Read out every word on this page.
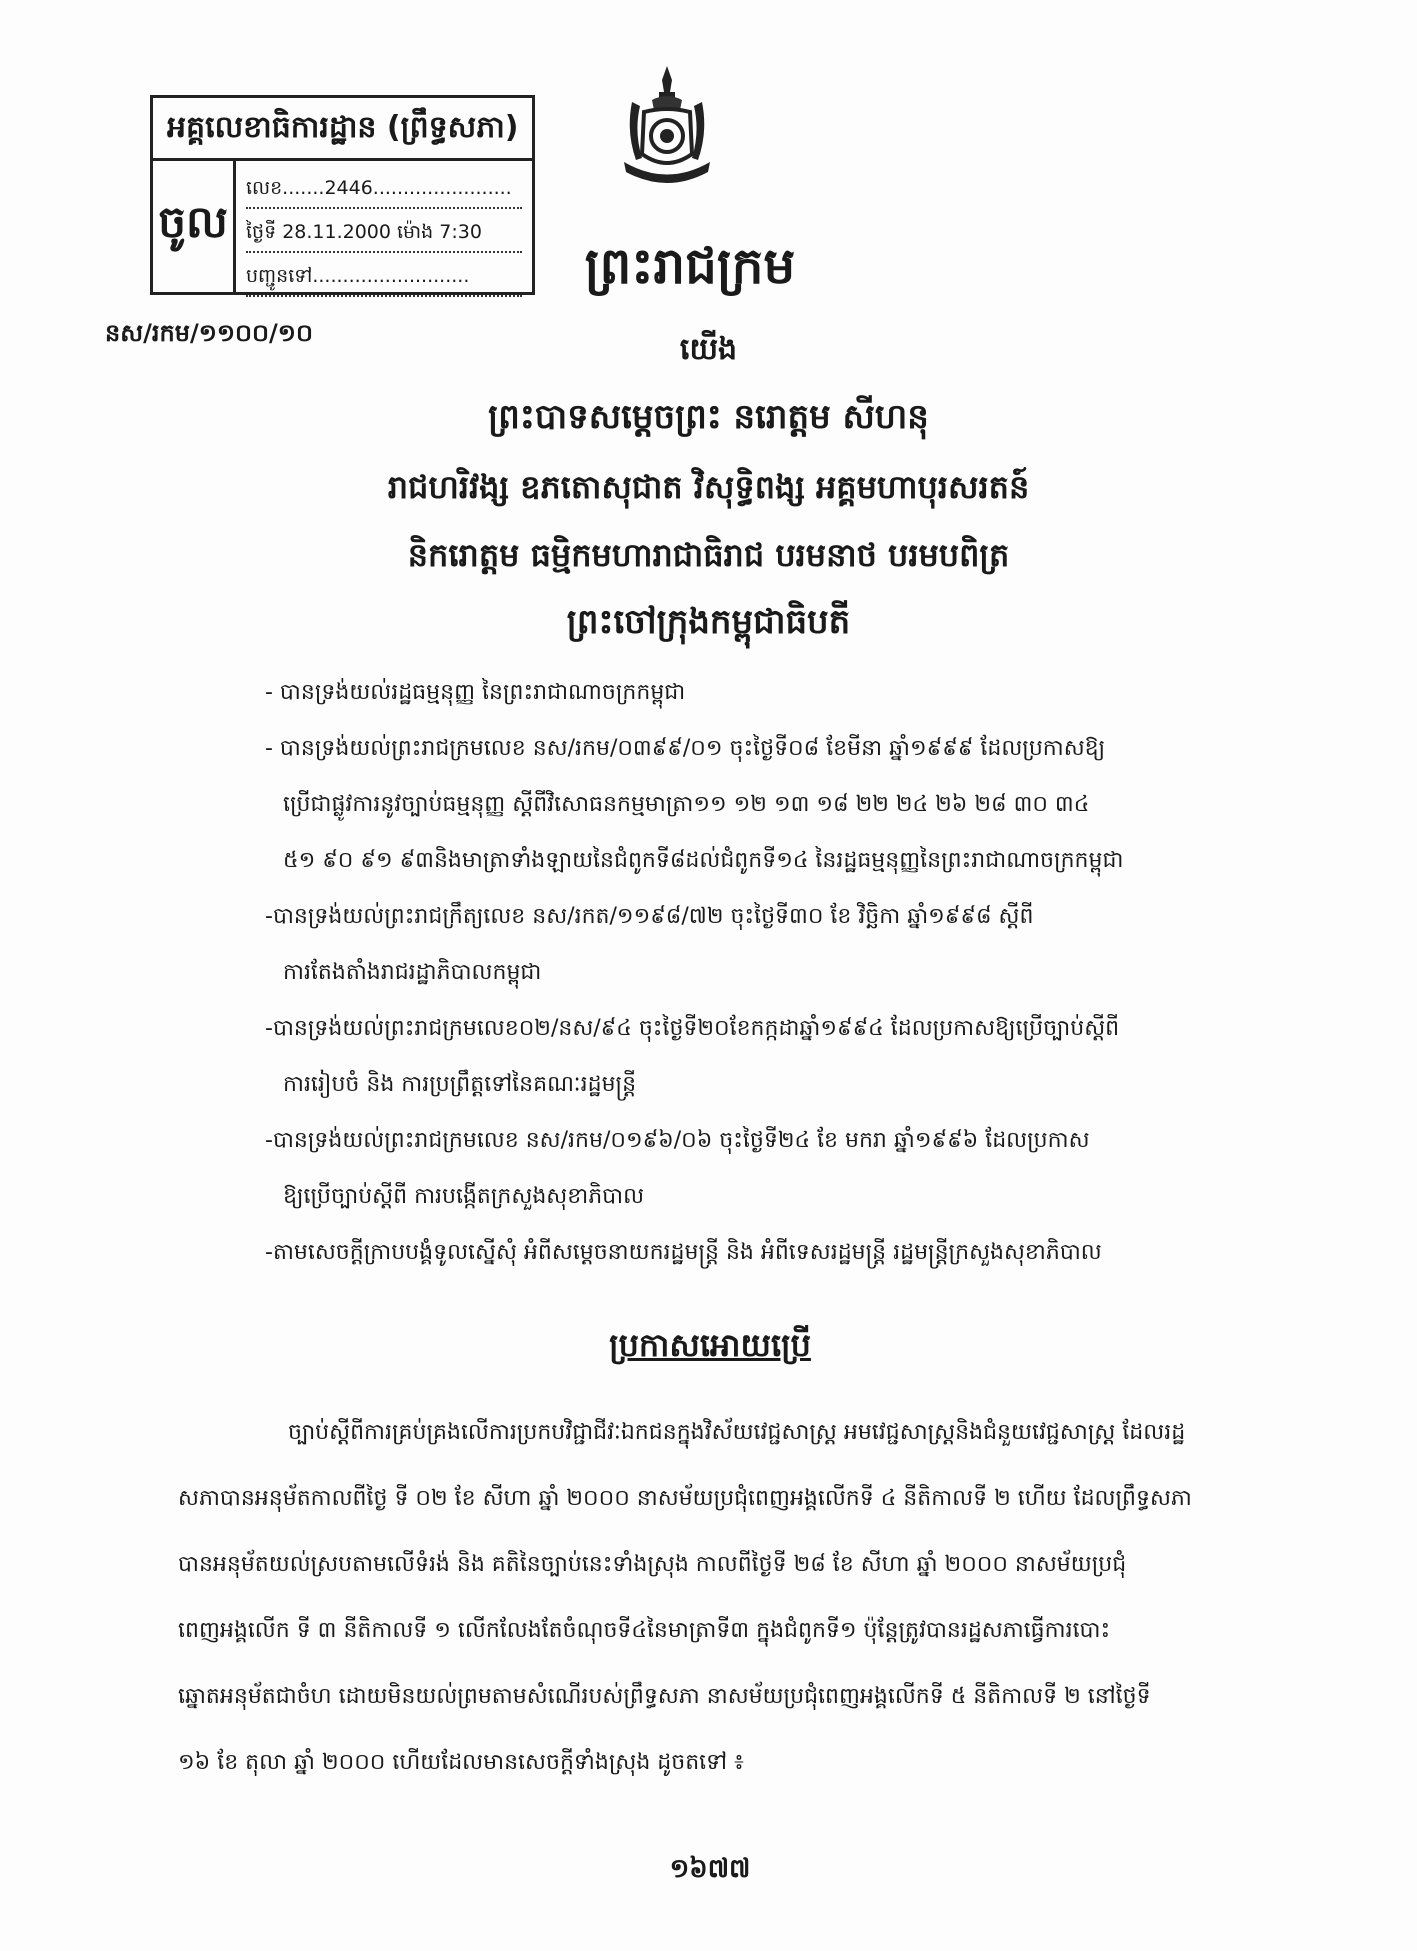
អគ្គលេខាធិការដ្ឋាន (ព្រឹទ្ធសភា)
ចូល
លេខ.......2446.......................
ថ្ងៃទី 28.11.2000 ម៉ោង 7:30
បញ្ជូនទៅ..........................	ព្រះរាជក្រម
នស/រកម/១១០០/១០	យើង
ព្រះបាទសម្តេចព្រះ នរោត្តម សីហនុ
រាជហរិវង្ស ឧភតោសុជាត វិសុទ្ធិពង្ស អគ្គមហាបុរសរតន៍
និករោត្តម ធម្មិកមហារាជាធិរាជ បរមនាថ បរមបពិត្រ
ព្រះចៅក្រុងកម្ពុជាធិបតី
- បានទ្រង់យល់រដ្ឋធម្មនុញ្ញ នៃព្រះរាជាណាចក្រកម្ពុជា
- បានទ្រង់យល់ព្រះរាជក្រមលេខ នស/រកម/០៣៩៩/០១ ចុះថ្ងៃទី០៨ ខែមីនា ឆ្នាំ១៩៩៩ ដែលប្រកាសឱ្យ
ប្រើជាផ្លូវការនូវច្បាប់ធម្មនុញ្ញ ស្តីពីវិសោធនកម្មមាត្រា១១ ១២ ១៣ ១៨ ២២ ២៤ ២៦ ២៨ ៣០ ៣៤
៥១ ៩០ ៩១ ៩៣និងមាត្រាទាំងឡាយនៃជំពូកទី៨ដល់ជំពូកទី១៤ នៃរដ្ឋធម្មនុញ្ញនៃព្រះរាជាណាចក្រកម្ពុជា
-បានទ្រង់យល់ព្រះរាជក្រឹត្យលេខ នស/រកត/១១៩៨/៧២ ចុះថ្ងៃទី៣០ ខែ វិច្ឆិកា ឆ្នាំ១៩៩៨ ស្តីពី
ការតែងតាំងរាជរដ្ឋាភិបាលកម្ពុជា
-បានទ្រង់យល់ព្រះរាជក្រមលេខ០២/នស/៩៤ ចុះថ្ងៃទី២០ខែកក្កដាឆ្នាំ១៩៩៤ ដែលប្រកាសឱ្យប្រើច្បាប់ស្តីពី
ការរៀបចំ និង ការប្រព្រឹត្តទៅនៃគណៈរដ្ឋមន្ត្រី
-បានទ្រង់យល់ព្រះរាជក្រមលេខ នស/រកម/០១៩៦/០៦ ចុះថ្ងៃទី២៤ ខែ មករា ឆ្នាំ១៩៩៦ ដែលប្រកាស
ឱ្យប្រើច្បាប់ស្តីពី ការបង្កើតក្រសួងសុខាភិបាល
-តាមសេចក្តីក្រាបបង្គំទូលស្នើសុំ អំពីសម្តេចនាយករដ្ឋមន្ត្រី និង អំពីទេសរដ្ឋមន្ត្រី រដ្ឋមន្ត្រីក្រសួងសុខាភិបាល
ប្រកាសអោយប្រើ
ច្បាប់ស្តីពីការគ្រប់គ្រងលើការប្រកបវិជ្ជាជីវៈឯកជនក្នុងវិស័យវេជ្ជសាស្ត្រ អមវេជ្ជសាស្ត្រនិងជំនួយវេជ្ជសាស្ត្រ ដែលរដ្ឋ
សភាបានអនុម័តកាលពីថ្ងៃ ទី ០២ ខែ សីហា ឆ្នាំ ២០០០ នាសម័យប្រជុំពេញអង្គលើកទី ៤ នីតិកាលទី ២ ហើយ ដែលព្រឹទ្ធសភា
បានអនុម័តយល់ស្របតាមលើទំរង់ និង គតិនៃច្បាប់នេះទាំងស្រុង កាលពីថ្ងៃទី ២៨ ខែ សីហា ឆ្នាំ ២០០០ នាសម័យប្រជុំ
ពេញអង្គលើក ទី ៣ នីតិកាលទី ១ លើកលែងតែចំណុចទី៤នៃមាត្រាទី៣ ក្នុងជំពូកទី១ ប៉ុន្តែត្រូវបានរដ្ឋសភាធ្វើការបោះ
ឆ្នោតអនុម័តជាចំហ ដោយមិនយល់ព្រមតាមសំណើរបស់ព្រឹទ្ធសភា នាសម័យប្រជុំពេញអង្គលើកទី ៥ នីតិកាលទី ២ នៅថ្ងៃទី
១៦ ខែ តុលា ឆ្នាំ ២០០០ ហើយដែលមានសេចក្តីទាំងស្រុង ដូចតទៅ ៖
១៦៧៧
